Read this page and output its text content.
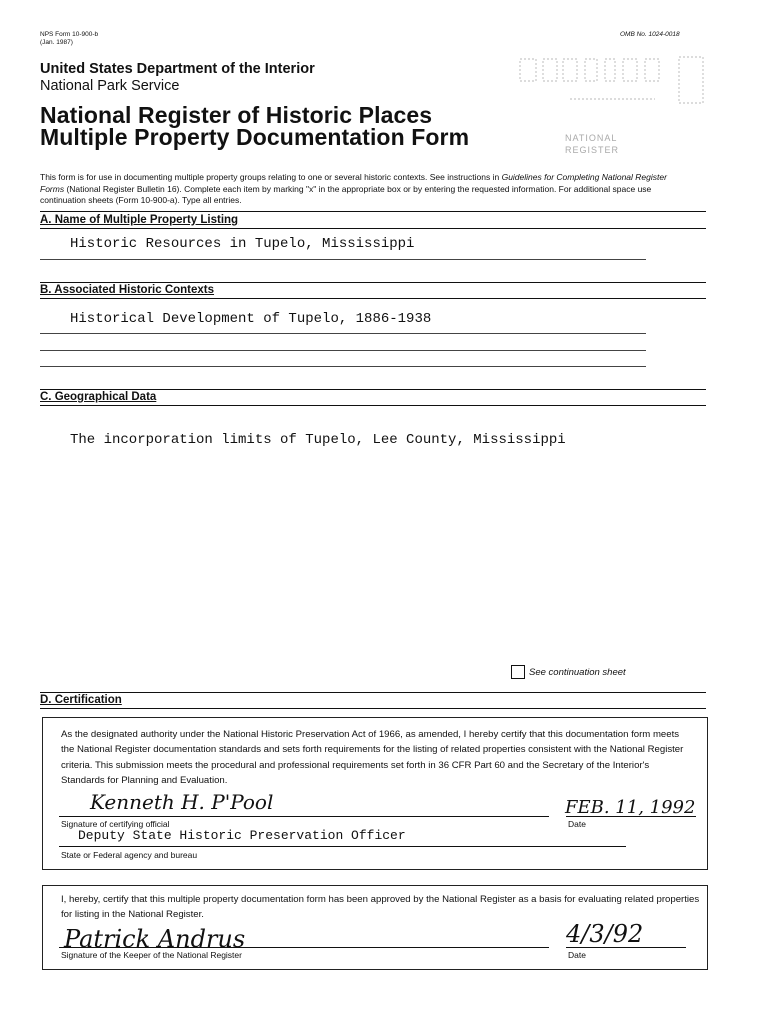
NPS Form 10-900-b
(Jan. 1987)
OMB No. 1024-0018
United States Department of the Interior
National Park Service
National Register of Historic Places
Multiple Property Documentation Form	NATIONAL
REGISTER
This form is for use in documenting multiple property groups relating to one or several historic contexts. See instructions in Guidelines for Completing National Register Forms (National Register Bulletin 16). Complete each item by marking "x" in the appropriate box or by entering the requested information. For additional space use continuation sheets (Form 10-900-a). Type all entries.
A. Name of Multiple Property Listing
Historic Resources in Tupelo, Mississippi
B. Associated Historic Contexts
Historical Development of Tupelo, 1886-1938
C. Geographical Data
The incorporation limits of Tupelo, Lee County, Mississippi
See continuation sheet
D. Certification
As the designated authority under the National Historic Preservation Act of 1966, as amended, I hereby certify that this documentation form meets the National Register documentation standards and sets forth requirements for the listing of related properties consistent with the National Register criteria. This submission meets the procedural and professional requirements set forth in 36 CFR Part 60 and the Secretary of the Interior's Standards for Planning and Evaluation.
Kenneth H. P'Pool	FEB. 11, 1992
Signature of certifying official	Date
Deputy State Historic Preservation Officer
State or Federal agency and bureau
I, hereby, certify that this multiple property documentation form has been approved by the National Register as a basis for evaluating related properties for listing in the National Register.
Patrick Andrus	4/3/92
Signature of the Keeper of the National Register	Date
